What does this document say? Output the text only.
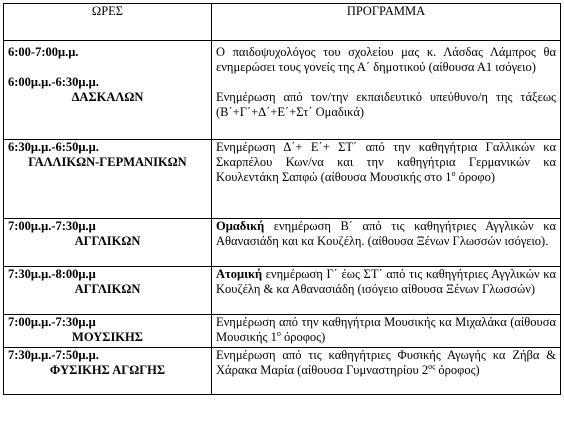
ΩΡΕΣ	ΠΡΟΓΡΑΜΜΑ

6:00-7:00μ.μ.
6:00μ.μ.-6:30μ.μ.
ΔΑΣΚΑΛΩΝ	Ο παιδοψυχολόγος του σχολείου μας κ. Λάσδας Λάμπρος θα ενημερώσει τους γονείς της Α΄ δημοτικού (αίθουσα Α1 ισόγειο)
Ενημέρωση από τον/την εκπαιδευτικό υπεύθυνο/η της τάξεως (Β΄+Γ΄+Δ΄+Ε΄+Στ΄ Ομαδικά)

6:30μ.μ.-6:50μ.μ.
ΓΑΛΛΙΚΩΝ-ΓΕΡΜΑΝΙΚΩΝ	Ενημέρωση Δ΄+ Ε΄+ ΣΤ΄ από την καθηγήτρια Γαλλικών κα Σκαρπέλου Κων/να και την καθηγήτρια Γερμανικών κα Κουλεντάκη Σαπφώ (αίθουσα Μουσικής στο $1^o$ όροφο)

7:00μ.μ.-7:30μ.μ
ΑΓΓΛΙΚΩΝ	Ομαδική ενημέρωση Β΄ από τις καθηγήτριες Αγγλικών κα Αθανασιάδη και κα Κουζέλη. (αίθουσα Ξένων Γλωσσών ισόγειο).

7:30μ.μ.-8:00μ.μ
ΑΓΓΛΙΚΩΝ	Ατομική ενημέρωση Γ΄ έως ΣΤ΄ από τις καθηγήτριες Αγγλικών κα Κουζέλη & κα Αθανασιάδη (ισόγειο αίθουσα Ξένων Γλωσσών)

7:00μ.μ.-7:30μ.μ
ΜΟΥΣΙΚΗΣ	Ενημέρωση από την καθηγήτρια Μουσικής κα Μιχαλάκα (αίθουσα Μουσικής $1^o$ όροφος)

7:30μ.μ.-7:50μ.μ.
ΦΥΣΙΚΗΣ ΑΓΩΓΗΣ	Ενημέρωση από τις καθηγήτριες Φυσικής Αγωγής κα Ζήβα & Χάρακα Μαρία (αίθουσα Γυμναστηρίου $2^{o\varsigma}$ όροφος)
